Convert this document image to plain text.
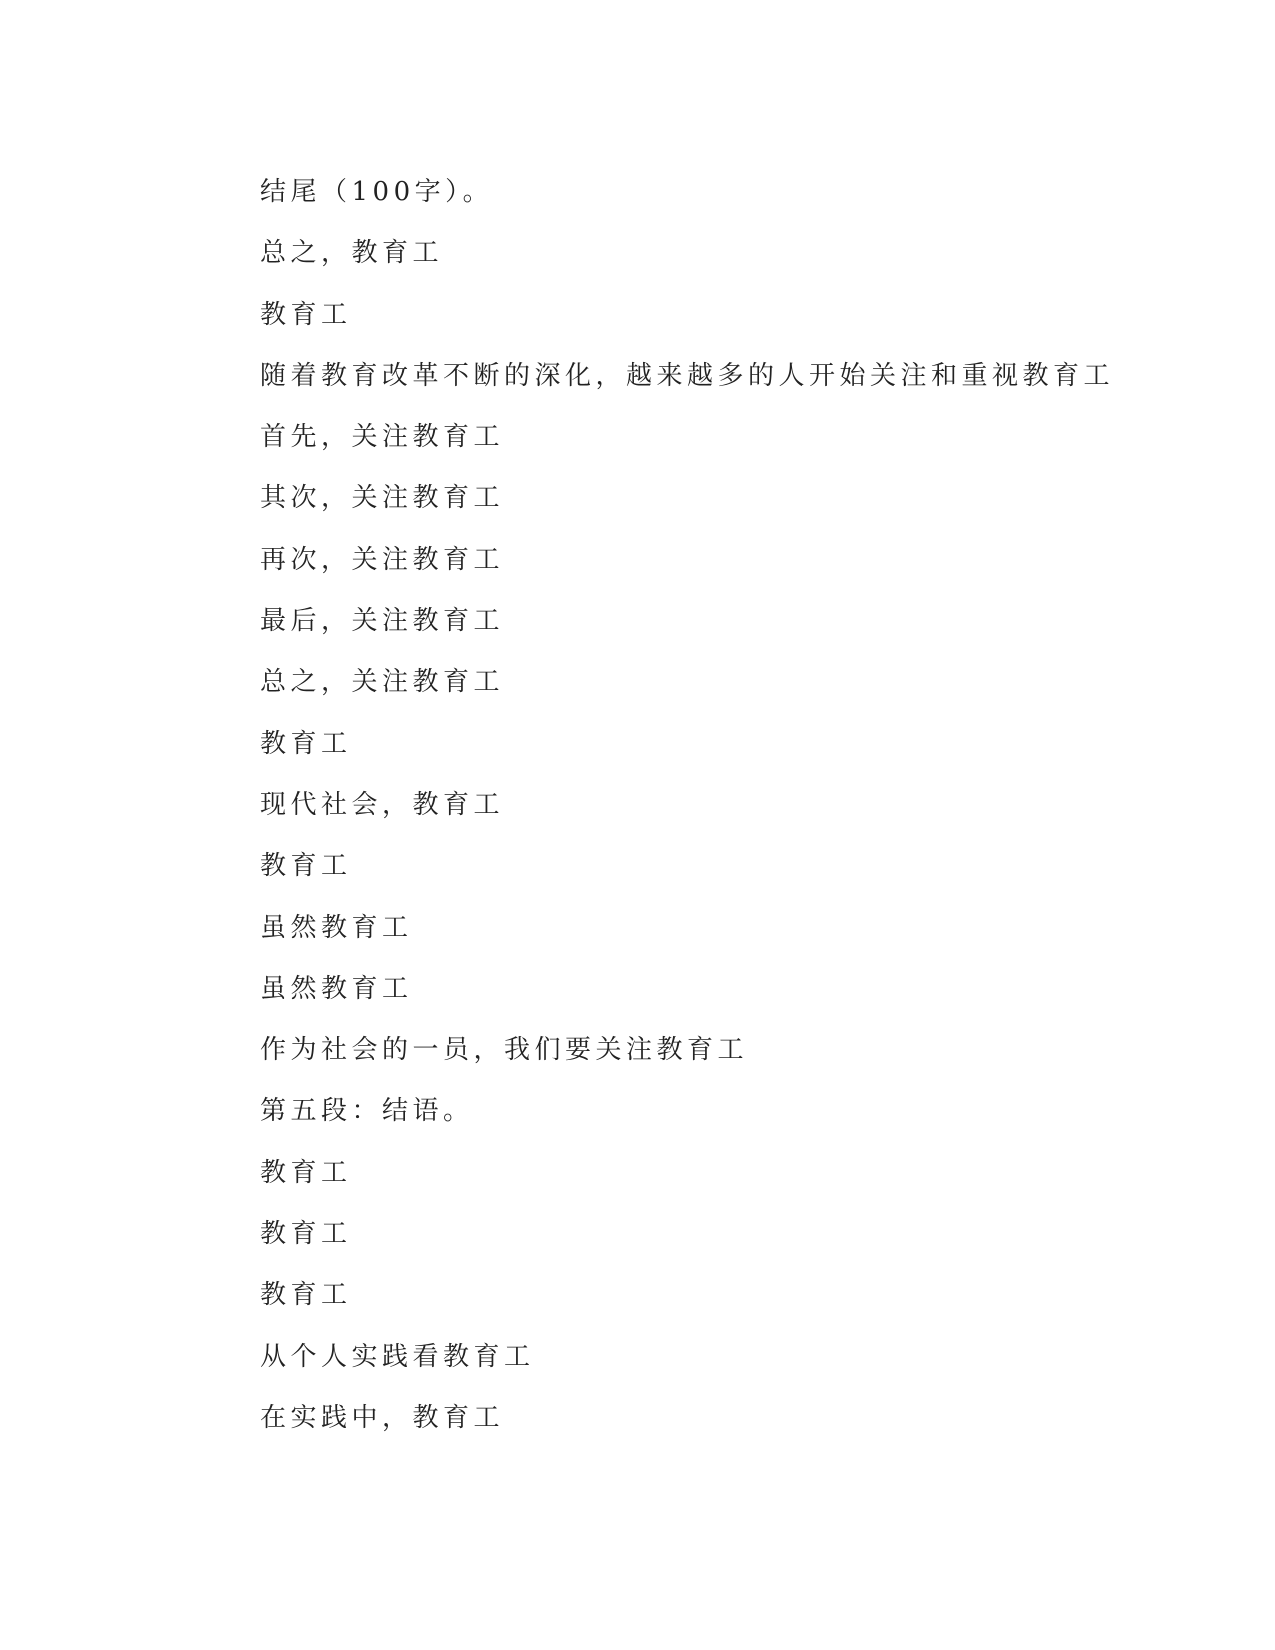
结尾（100字）。
总之，教育工
教育工
随着教育改革不断的深化，越来越多的人开始关注和重视教育工
首先，关注教育工
其次，关注教育工
再次，关注教育工
最后，关注教育工
总之，关注教育工
教育工
现代社会，教育工
教育工
虽然教育工
虽然教育工
作为社会的一员，我们要关注教育工
第五段：结语。
教育工
教育工
教育工
从个人实践看教育工
在实践中，教育工
